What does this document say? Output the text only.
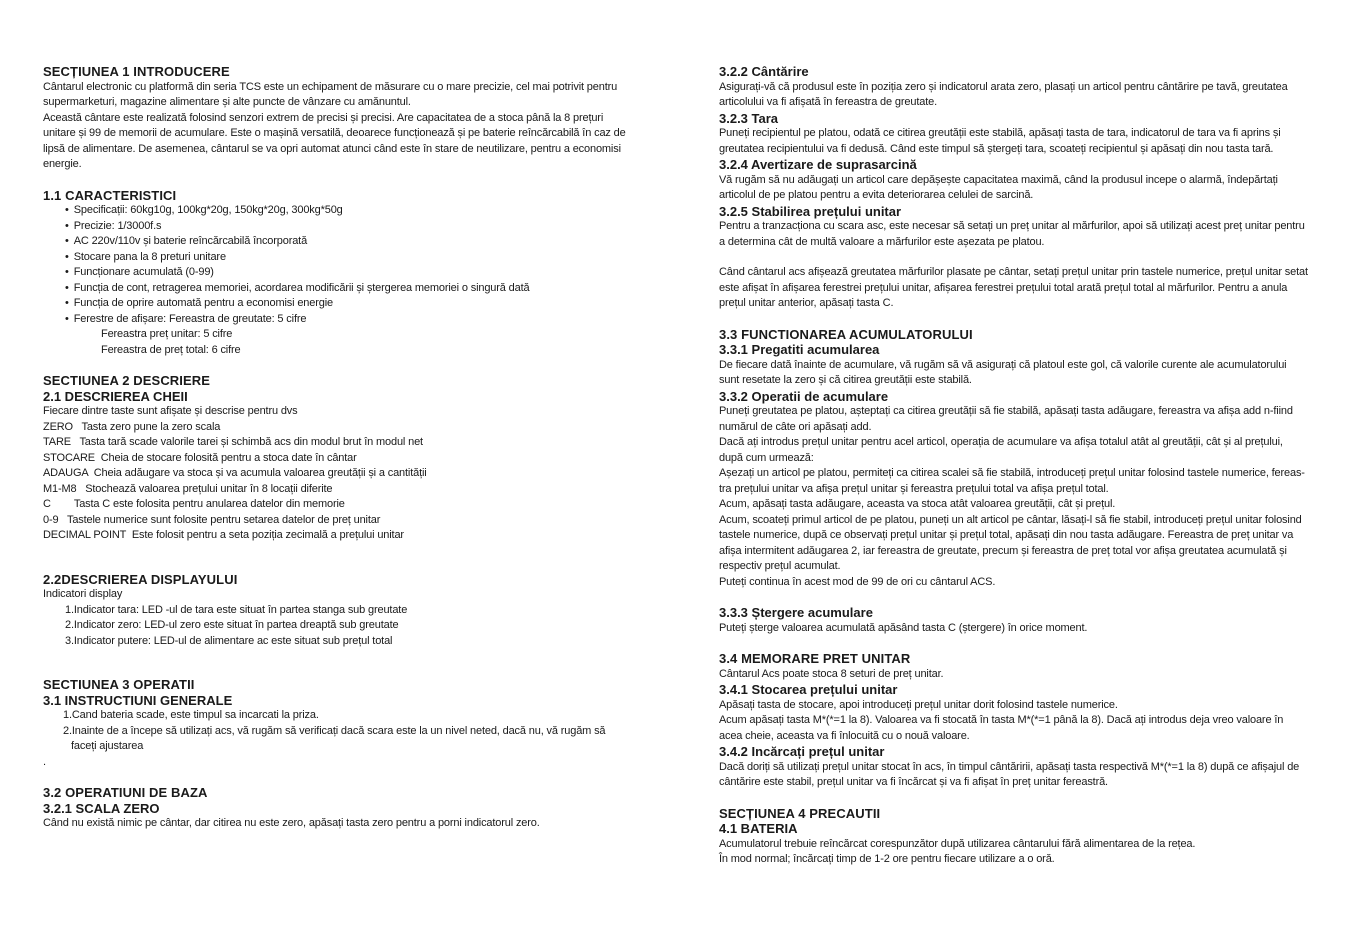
SECȚIUNEA 1 INTRODUCERE

Cântarul electronic cu platformă din seria TCS este un echipament de măsurare cu o mare precizie, cel mai potrivit pentru supermarketuri, magazine alimentare și alte puncte de vânzare cu amănuntul.

Această cântare este realizată folosind senzori extrem de precisi și precisi. Are capacitatea de a stoca până la 8 prețuri unitare și 99 de memorii de acumulare. Este o mașină versatilă, deoarece funcționează și pe baterie reîncărcabilă în caz de lipsă de alimentare. De asemenea, cântarul se va opri automat atunci când este în stare de neutilizare, pentru a economisi energie.

1.1 CARACTERISTICI
• Specificații: 60kg10g, 100kg*20g, 150kg*20g, 300kg*50g
• Precizie: 1/3000f.s
• AC 220v/110v și baterie reîncărcabilă încorporată
• Stocare pana la 8 preturi unitare
• Funcționare acumulată (0-99)
• Funcția de cont, retragerea memoriei, acordarea modificării și ștergerea memoriei o singură dată
• Funcția de oprire automată pentru a economisi energie
• Ferestre de afișare: Fereastra de greutate: 5 cifre

Fereastra preț unitar: 5 cifre

Fereastra de preț total: 6 cifre

SECTIUNEA 2 DESCRIERE
2.1 DESCRIEREA CHEII

Fiecare dintre taste sunt afișate și descrise pentru dvs

ZERO   Tasta zero pune la zero scala

TARE   Tasta tară scade valorile tarei și schimbă acs din modul brut în modul net

STOCARE  Cheia de stocare folosită pentru a stoca date în cântar

ADAUGA  Cheia adăugare va stoca și va acumula valoarea greutății și a cantității

M1-M8   Stochează valoarea prețului unitar în 8 locații diferite

C        Tasta C este folosita pentru anularea datelor din memorie

0-9   Tastele numerice sunt folosite pentru setarea datelor de preț unitar

DECIMAL POINT  Este folosit pentru a seta poziția zecimală a prețului unitar

2.2DESCRIEREA DISPLAYULUI

Indicatori display

1.Indicator tara: LED -ul de tara este situat în partea stanga sub greutate

2.Indicator zero: LED-ul zero este situat în partea dreaptă sub greutate

3.Indicator putere: LED-ul de alimentare ac este situat sub prețul total

SECTIUNEA 3 OPERATII
3.1 INSTRUCTIUNI GENERALE

1.Cand bateria scade, este timpul sa incarcati la priza.

2.Inainte de a începe să utilizați acs, vă rugăm să verificați dacă scara este la un nivel neted, dacă nu, vă rugăm să faceți ajustarea

.

3.2 OPERATIUNI DE BAZA
3.2.1 SCALA ZERO

Când nu există nimic pe cântar, dar citirea nu este zero, apăsați tasta zero pentru a porni indicatorul zero.

3.2.2 Cântărire

Asigurați-vă că produsul este în poziția zero și indicatorul arata zero, plasați un articol pentru cântărire pe tavă, greutatea articolului va fi afișată în fereastra de greutate.

3.2.3 Tara

Puneți recipientul pe platou, odată ce citirea greutății este stabilă, apăsați tasta de tara, indicatorul de tara va fi aprins și greutatea recipientului va fi dedusă. Când este timpul să ștergeți tara, scoateți recipientul și apăsați din nou tasta tară.

3.2.4 Avertizare de suprasarcină

Vă rugăm să nu adăugați un articol care depășește capacitatea maximă, când la produsul incepe o alarmă, îndepărtați articolul de pe platou pentru a evita deteriorarea celulei de sarcină.

3.2.5 Stabilirea prețului unitar

Pentru a tranzacționa cu scara asc, este necesar să setați un preț unitar al mărfurilor, apoi să utilizați acest preț unitar pentru a determina cât de multă valoare a mărfurilor este așezata pe platou.

Când cântarul acs afișează greutatea mărfurilor plasate pe cântar, setați prețul unitar prin tastele numerice, prețul unitar setat este afișat în afișarea ferestrei prețului unitar, afișarea ferestrei prețului total arată prețul total al mărfurilor. Pentru a anula prețul unitar anterior, apăsați tasta C.

3.3 FUNCTIONAREA ACUMULATORULUI
3.3.1 Pregatiti acumularea

De fiecare dată înainte de acumulare, vă rugăm să vă asigurați că platoul este gol, că valorile curente ale acumulatorului sunt resetate la zero și că citirea greutății este stabilă.

3.3.2 Operatii de acumulare

Puneți greutatea pe platou, așteptați ca citirea greutății să fie stabilă, apăsați tasta adăugare, fereastra va afișa add n-fiind numărul de câte ori apăsați add.

Dacă ați introdus prețul unitar pentru acel articol, operația de acumulare va afișa totalul atât al greutății, cât și al prețului, după cum urmează:

Așezați un articol pe platou, permiteți ca citirea scalei să fie stabilă, introduceți prețul unitar folosind tastele numerice, fereas-tra prețului unitar va afișa prețul unitar și fereastra prețului total va afișa prețul total.

Acum, apăsați tasta adăugare, aceasta va stoca atât valoarea greutății, cât și prețul.

Acum, scoateți primul articol de pe platou, puneți un alt articol pe cântar, lăsați-l să fie stabil, introduceți prețul unitar folosind tastele numerice, după ce observați prețul unitar și prețul total, apăsați din nou tasta adăugare. Fereastra de preț unitar va afișa intermitent adăugarea 2, iar fereastra de greutate, precum și fereastra de preț total vor afișa greutatea acumulată și respectiv prețul acumulat.

Puteți continua în acest mod de 99 de ori cu cântarul ACS.

3.3.3 Ștergere acumulare

Puteți șterge valoarea acumulată apăsând tasta C (ștergere) în orice moment.

3.4 MEMORARE PRET UNITAR

Cântarul Acs poate stoca 8 seturi de preț unitar.

3.4.1 Stocarea prețului unitar

Apăsați tasta de stocare, apoi introduceți prețul unitar dorit folosind tastele numerice.

Acum apăsați tasta M*(*=1 la 8). Valoarea va fi stocată în tasta M*(*=1 până la 8). Dacă ați introdus deja vreo valoare în acea cheie, aceasta va fi înlocuită cu o nouă valoare.

3.4.2 Incărcați prețul unitar

Dacă doriți să utilizați prețul unitar stocat în acs, în timpul cântăririi, apăsați tasta respectivă M*(*=1 la 8) după ce afișajul de cântărire este stabil, prețul unitar va fi încărcat și va fi afișat în preț unitar fereastră.

SECȚIUNEA 4 PRECAUTII
4.1 BATERIA

Acumulatorul trebuie reîncărcat corespunzător după utilizarea cântarului fără alimentarea de la rețea.

În mod normal; încărcați timp de 1-2 ore pentru fiecare utilizare a o oră.
